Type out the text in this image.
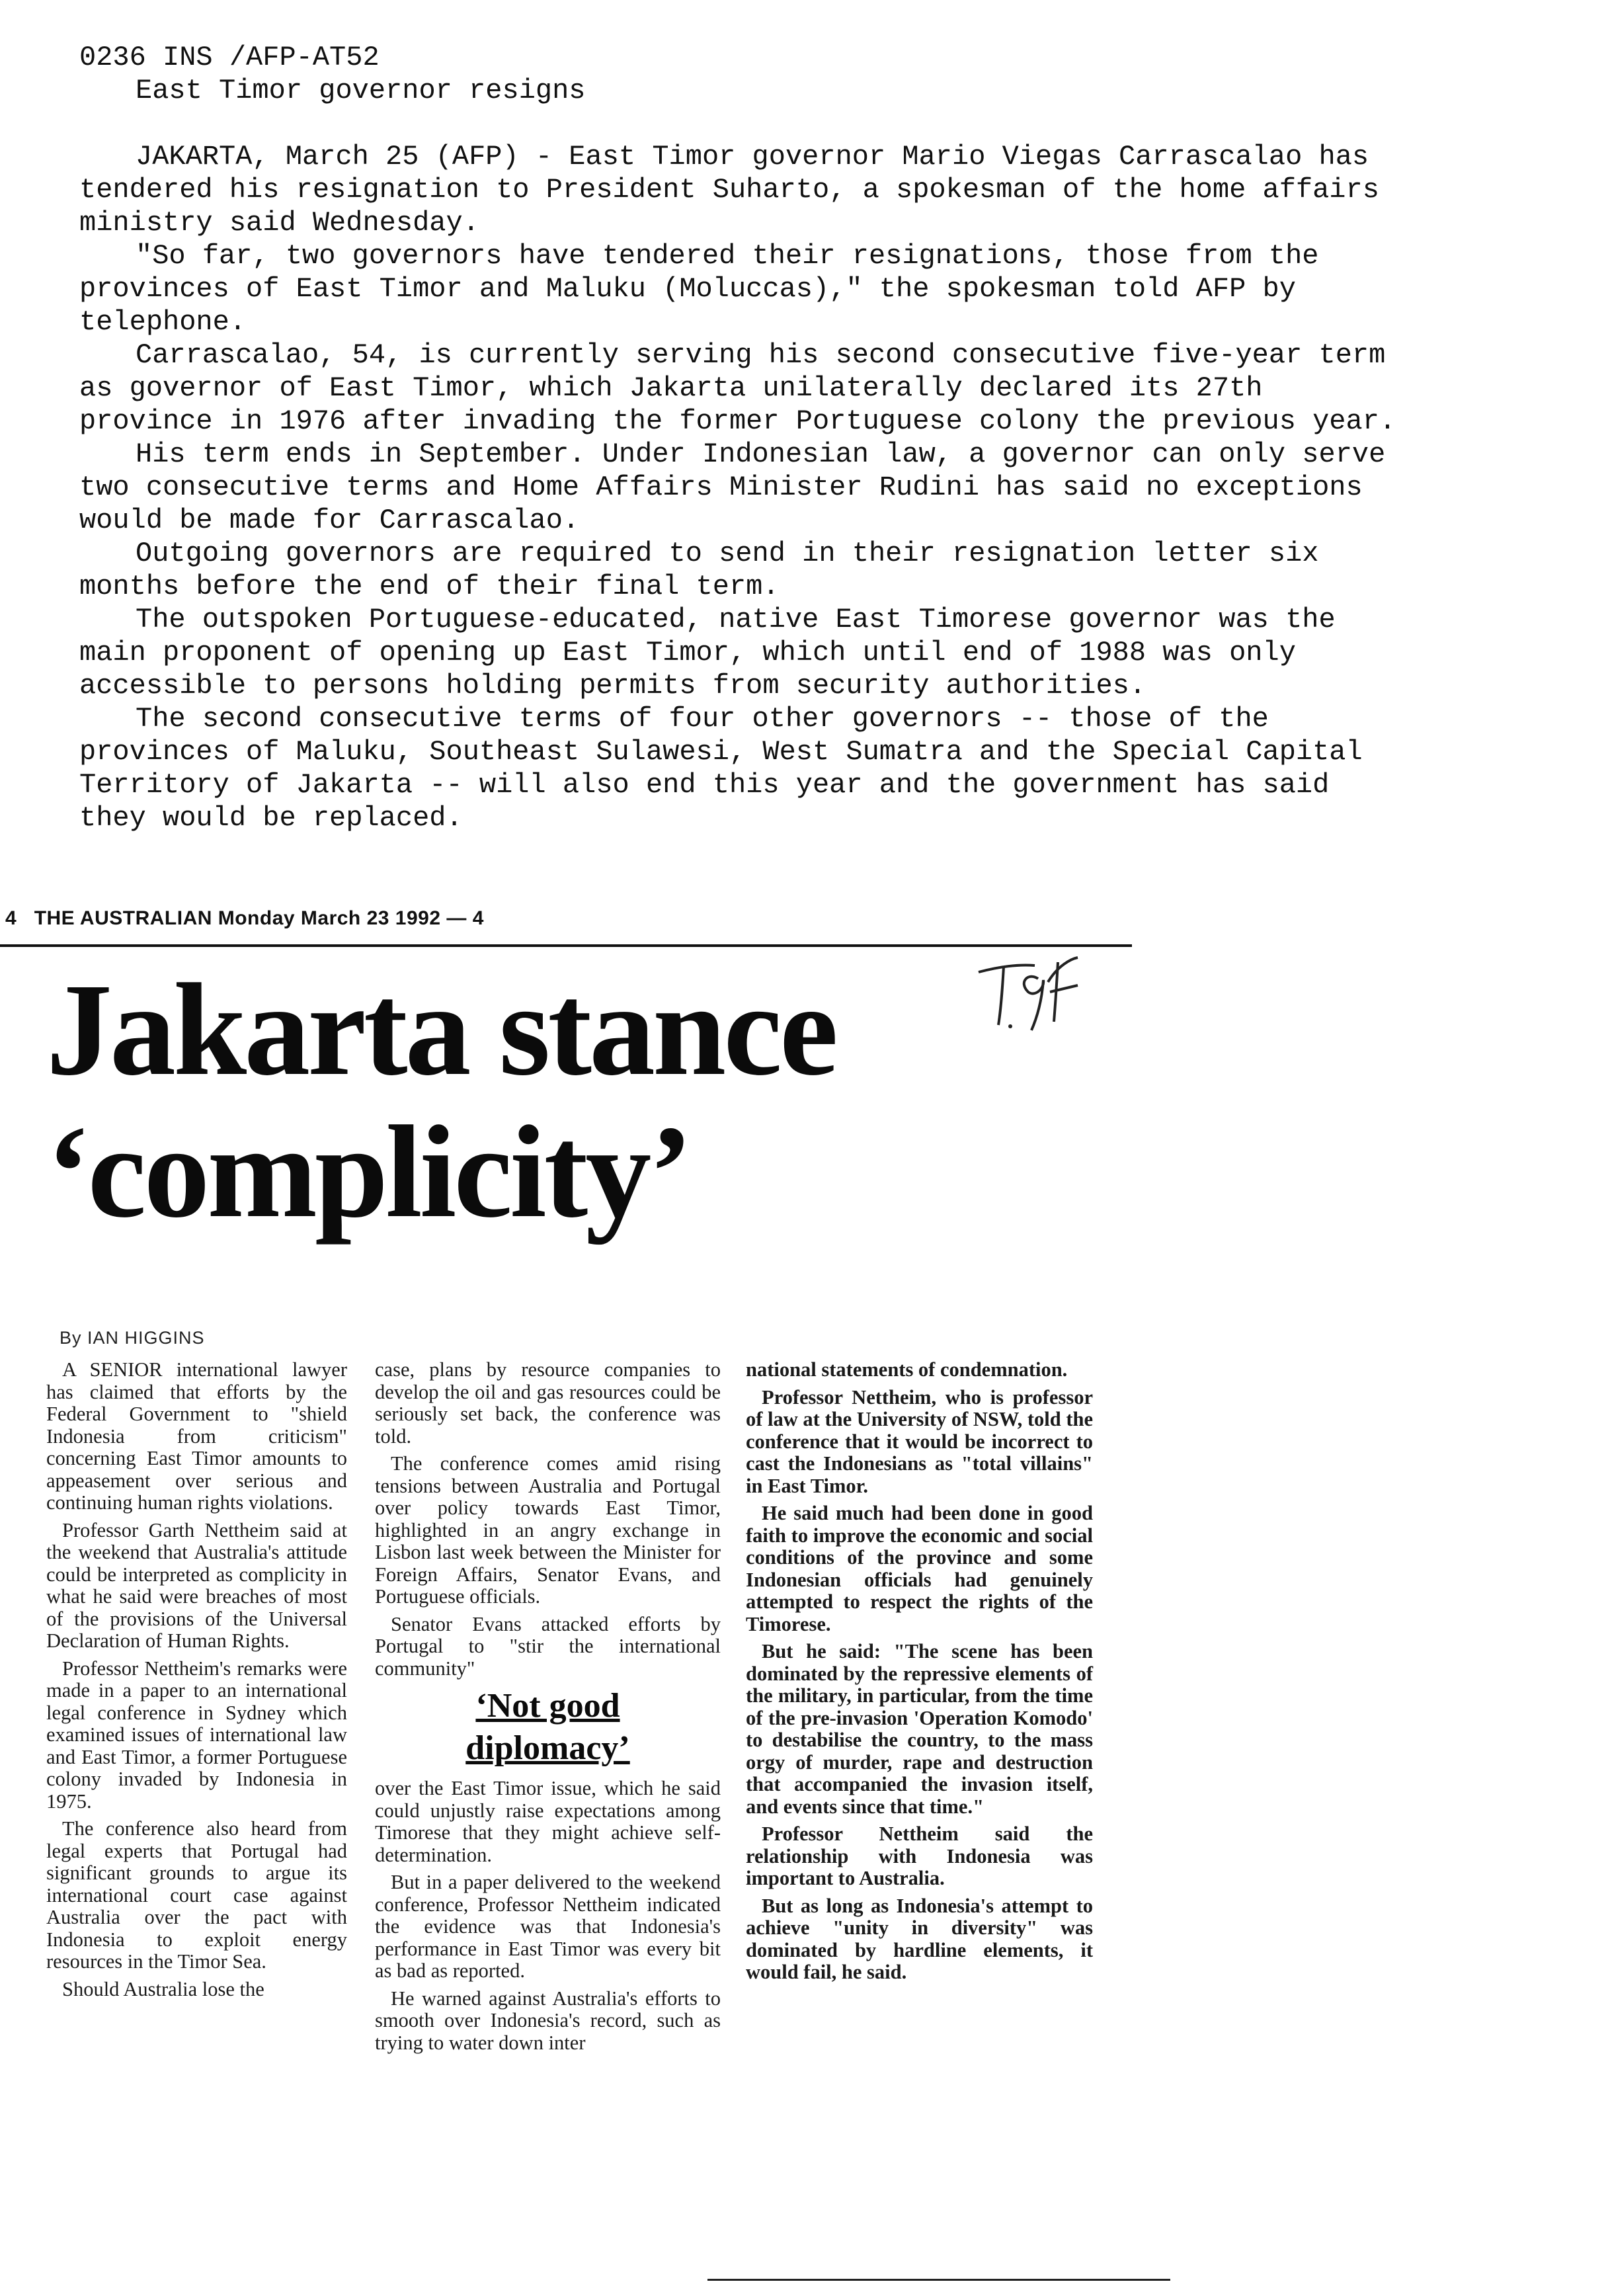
0236 INS /AFP-AT52
East Timor governor resigns

JAKARTA, March 25 (AFP) - East Timor governor Mario Viegas Carrascalao has tendered his resignation to President Suharto, a spokesman of the home affairs ministry said Wednesday.

"So far, two governors have tendered their resignations, those from the provinces of East Timor and Maluku (Moluccas)," the spokesman told AFP by telephone.

Carrascalao, 54, is currently serving his second consecutive five-year term as governor of East Timor, which Jakarta unilaterally declared its 27th province in 1976 after invading the former Portuguese colony the previous year.

His term ends in September. Under Indonesian law, a governor can only serve two consecutive terms and Home Affairs Minister Rudini has said no exceptions would be made for Carrascalao.

Outgoing governors are required to send in their resignation letter six months before the end of their final term.

The outspoken Portuguese-educated, native East Timorese governor was the main proponent of opening up East Timor, which until end of 1988 was only accessible to persons holding permits from security authorities.

The second consecutive terms of four other governors -- those of the provinces of Maluku, Southeast Sulawesi, West Sumatra and the Special Capital Territory of Jakarta -- will also end this year and the government has said they would be replaced.

4   THE AUSTRALIAN Monday March 23 1992 — 4
Jakarta stance
‘complicity’
By IAN HIGGINS

A SENIOR international lawyer has claimed that efforts by the Federal Government to "shield Indonesia from criticism" concerning East Timor amounts to appeasement over serious and continuing human rights violations.

Professor Garth Nettheim said at the weekend that Australia's attitude could be interpreted as complicity in what he said were breaches of most of the provisions of the Universal Declaration of Human Rights.

Professor Nettheim's remarks were made in a paper to an international legal conference in Sydney which examined issues of international law and East Timor, a former Portuguese colony invaded by Indonesia in 1975.

The conference also heard from legal experts that Portugal had significant grounds to argue its international court case against Australia over the pact with Indonesia to exploit energy resources in the Timor Sea.

Should Australia lose the

case, plans by resource companies to develop the oil and gas resources could be seriously set back, the conference was told.

The conference comes amid rising tensions between Australia and Portugal over policy towards East Timor, highlighted in an angry exchange in Lisbon last week between the Minister for Foreign Affairs, Senator Evans, and Portuguese officials.

Senator Evans attacked efforts by Portugal to "stir the international community"

‘Not good
diplomacy’

over the East Timor issue, which he said could unjustly raise expectations among Timorese that they might achieve self-determination.

But in a paper delivered to the weekend conference, Professor Nettheim indicated the evidence was that Indonesia's performance in East Timor was every bit as bad as reported.

He warned against Australia's efforts to smooth over Indonesia's record, such as trying to water down inter

national statements of condemnation.

Professor Nettheim, who is professor of law at the University of NSW, told the conference that it would be incorrect to cast the Indonesians as "total villains" in East Timor.

He said much had been done in good faith to improve the economic and social conditions of the province and some Indonesian officials had genuinely attempted to respect the rights of the Timorese.

But he said: "The scene has been dominated by the repressive elements of the military, in particular, from the time of the pre-invasion 'Operation Komodo' to destabilise the country, to the mass orgy of murder, rape and destruction that accompanied the invasion itself, and events since that time."

Professor Nettheim said the relationship with Indonesia was important to Australia.

But as long as Indonesia's attempt to achieve "unity in diversity" was dominated by hardline elements, it would fail, he said.
